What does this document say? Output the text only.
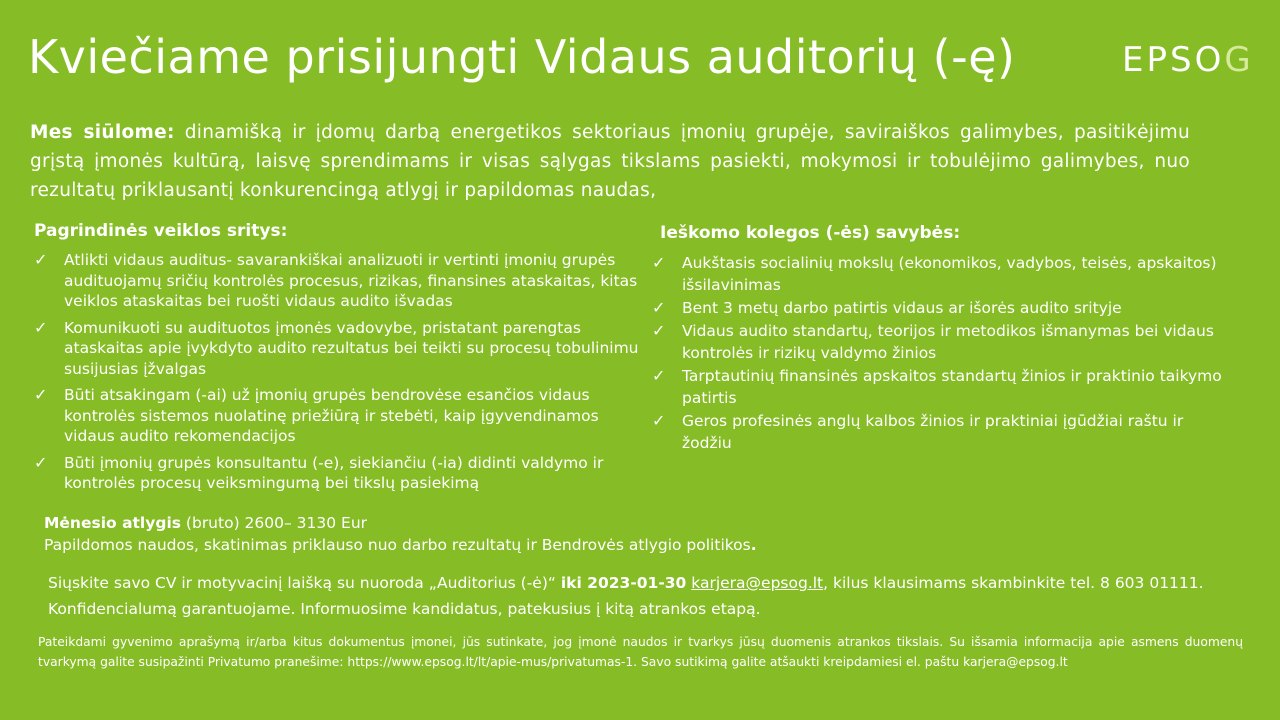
Kviečiame prisijungti Vidaus auditorių (-ę)	EPSOG
Mes siūlome: dinamišką ir įdomų darbą energetikos sektoriaus įmonių grupėje, saviraiškos galimybes, pasitikėjimu grįstą įmonės kultūrą, laisvę sprendimams ir visas sąlygas tikslams pasiekti, mokymosi ir tobulėjimo galimybes, nuo rezultatų priklausantį konkurencingą atlygį ir papildomas naudas,
Pagrindinės veiklos sritys:
✓ Atlikti vidaus auditus- savarankiškai analizuoti ir vertinti įmonių grupės audituojamų sričių kontrolės procesus, rizikas, finansines ataskaitas, kitas veiklos ataskaitas bei ruošti vidaus audito išvadas
✓ Komunikuoti su audituotos įmonės vadovybe, pristatant parengtas ataskaitas apie įvykdyto audito rezultatus bei teikti su procesų tobulinimu susijusias įžvalgas
✓ Būti atsakingam (-ai) už įmonių grupės bendrovėse esančios vidaus kontrolės sistemos nuolatinę priežiūrą ir stebėti, kaip įgyvendinamos vidaus audito rekomendacijos
✓ Būti įmonių grupės konsultantu (-e), siekiančiu (-ia) didinti valdymo ir kontrolės procesų veiksmingumą bei tikslų pasiekimą
Ieškomo kolegos (-ės) savybės:
✓ Aukštasis socialinių mokslų (ekonomikos, vadybos, teisės, apskaitos) išsilavinimas
✓ Bent 3 metų darbo patirtis vidaus ar išorės audito srityje
✓ Vidaus audito standartų, teorijos ir metodikos išmanymas bei vidaus kontrolės ir rizikų valdymo žinios
✓ Tarptautinių finansinės apskaitos standartų žinios ir praktinio taikymo patirtis
✓ Geros profesinės anglų kalbos žinios ir praktiniai įgūdžiai raštu ir žodžiu
Mėnesio atlygis (bruto) 2600– 3130 Eur
Papildomos naudos, skatinimas priklauso nuo darbo rezultatų ir Bendrovės atlygio politikos.
Siųskite savo CV ir motyvacinį laišką su nuoroda „Auditorius (-ė)“ iki 2023-01-30 karjera@epsog.lt, kilus klausimams skambinkite tel. 8 603 01111.
Konfidencialumą garantuojame. Informuosime kandidatus, patekusius į kitą atrankos etapą.
Pateikdami gyvenimo aprašymą ir/arba kitus dokumentus įmonei, jūs sutinkate, jog įmonė naudos ir tvarkys jūsų duomenis atrankos tikslais. Su išsamia informacija apie asmens duomenų tvarkymą galite susipažinti Privatumo pranešime: https://www.epsog.lt/lt/apie-mus/privatumas-1. Savo sutikimą galite atšaukti kreipdamiesi el. paštu karjera@epsog.lt
